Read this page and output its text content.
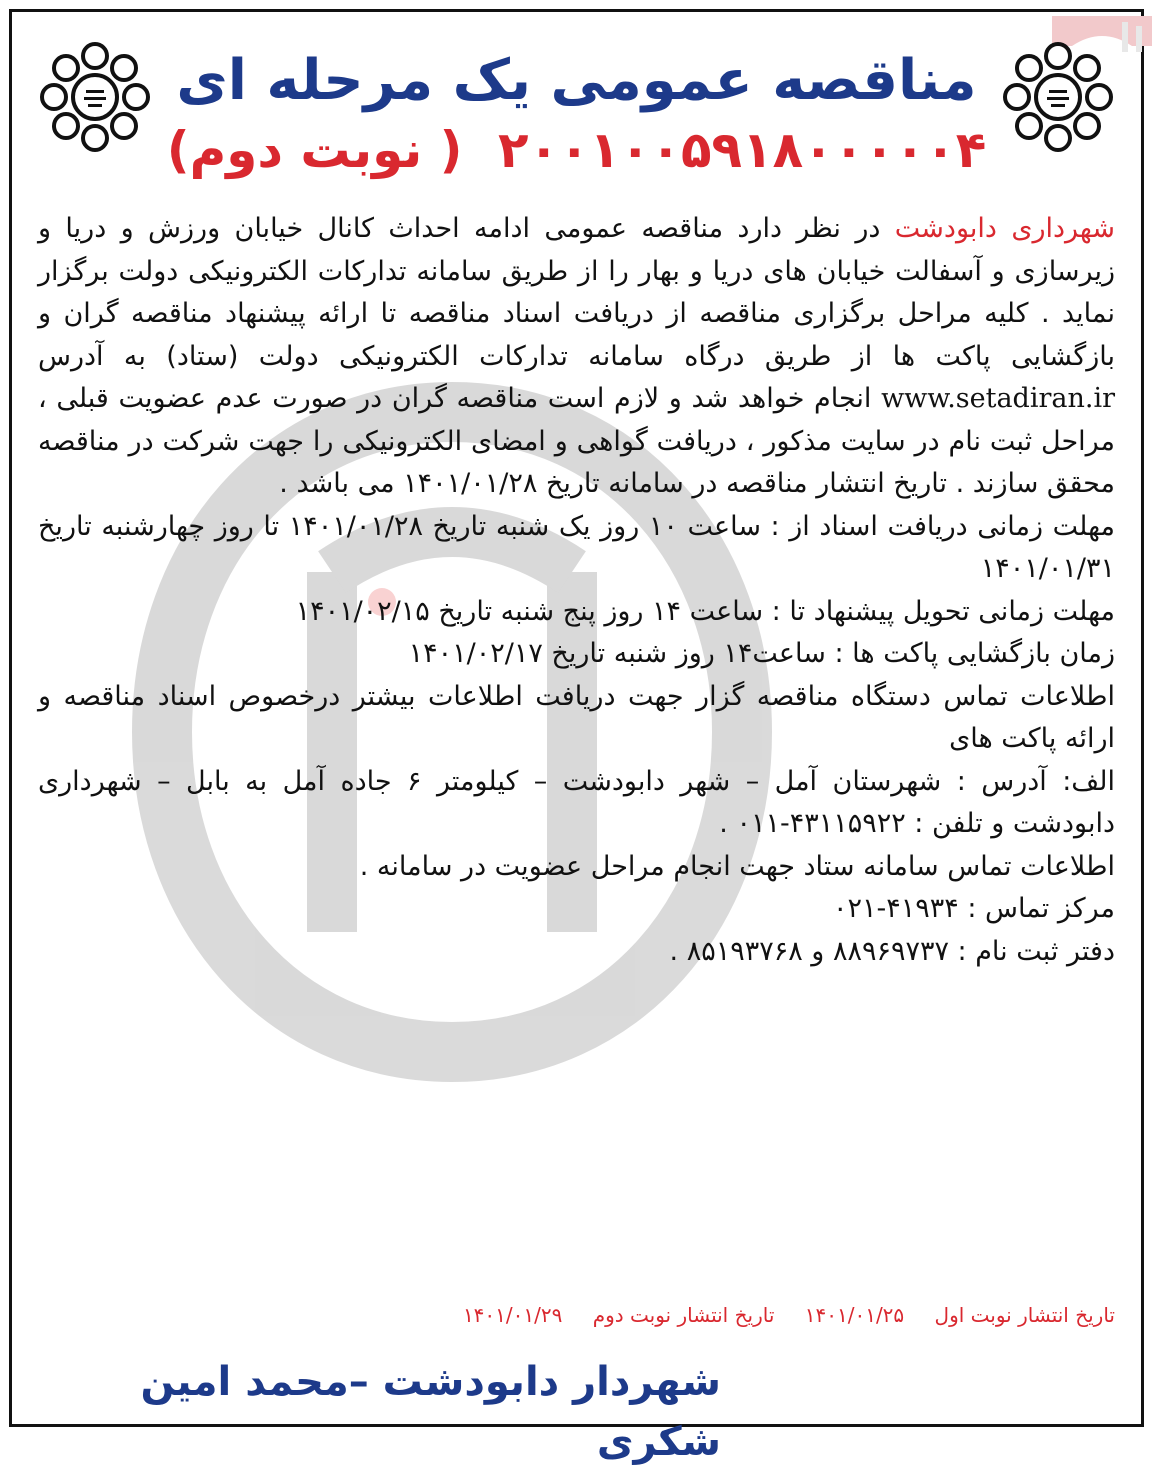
مناقصه عمومی یک مرحله ای
۲۰۰۱۰۰۵۹۱۸۰۰۰۰۰۴ ( نوبت دوم)

شهرداری دابودشت در نظر دارد مناقصه عمومی ادامه احداث کانال خیابان ورزش و دریا و زیرسازی و آسفالت خیابان های دریا و بهار را از طریق سامانه تدارکات الکترونیکی دولت برگزار نماید . کلیه مراحل برگزاری مناقصه از دریافت اسناد مناقصه تا ارائه پیشنهاد مناقصه گران و بازگشایی پاکت ها از طریق درگاه سامانه تدارکات الکترونیکی دولت (ستاد) به آدرس www.setadiran.ir انجام خواهد شد و لازم است مناقصه گران در صورت عدم عضویت قبلی ، مراحل ثبت نام در سایت مذکور ، دریافت گواهی و امضای الکترونیکی را جهت شرکت در مناقصه محقق سازند . تاریخ انتشار مناقصه در سامانه تاریخ ۱۴۰۱/۰۱/۲۸ می باشد .

مهلت زمانی دریافت اسناد از : ساعت ۱۰ روز یک شنبه تاریخ ۱۴۰۱/۰۱/۲۸ تا روز چهارشنبه تاریخ ۱۴۰۱/۰۱/۳۱

مهلت زمانی تحویل پیشنهاد تا : ساعت ۱۴ روز پنج شنبه تاریخ ۱۴۰۱/۰۲/۱۵

زمان بازگشایی پاکت ها : ساعت۱۴ روز شنبه تاریخ ۱۴۰۱/۰۲/۱۷

اطلاعات تماس دستگاه مناقصه گزار جهت دریافت اطلاعات بیشتر درخصوص اسناد مناقصه و ارائه پاکت های

الف: آدرس : شهرستان آمل – شهر دابودشت – کیلومتر ۶ جاده آمل به بابل – شهرداری دابودشت و تلفن : ۴۳۱۱۵۹۲۲-۰۱۱ .

اطلاعات تماس سامانه ستاد جهت انجام مراحل عضویت در سامانه .

مرکز تماس : ۴۱۹۳۴-۰۲۱

دفتر ثبت نام : ۸۸۹۶۹۷۳۷ و ۸۵۱۹۳۷۶۸ .

تاریخ انتشار نوبت اول ۱۴۰۱/۰۱/۲۵ تاریخ انتشار نوبت دوم ۱۴۰۱/۰۱/۲۹
شهردار دابودشت –محمد امین شکری
